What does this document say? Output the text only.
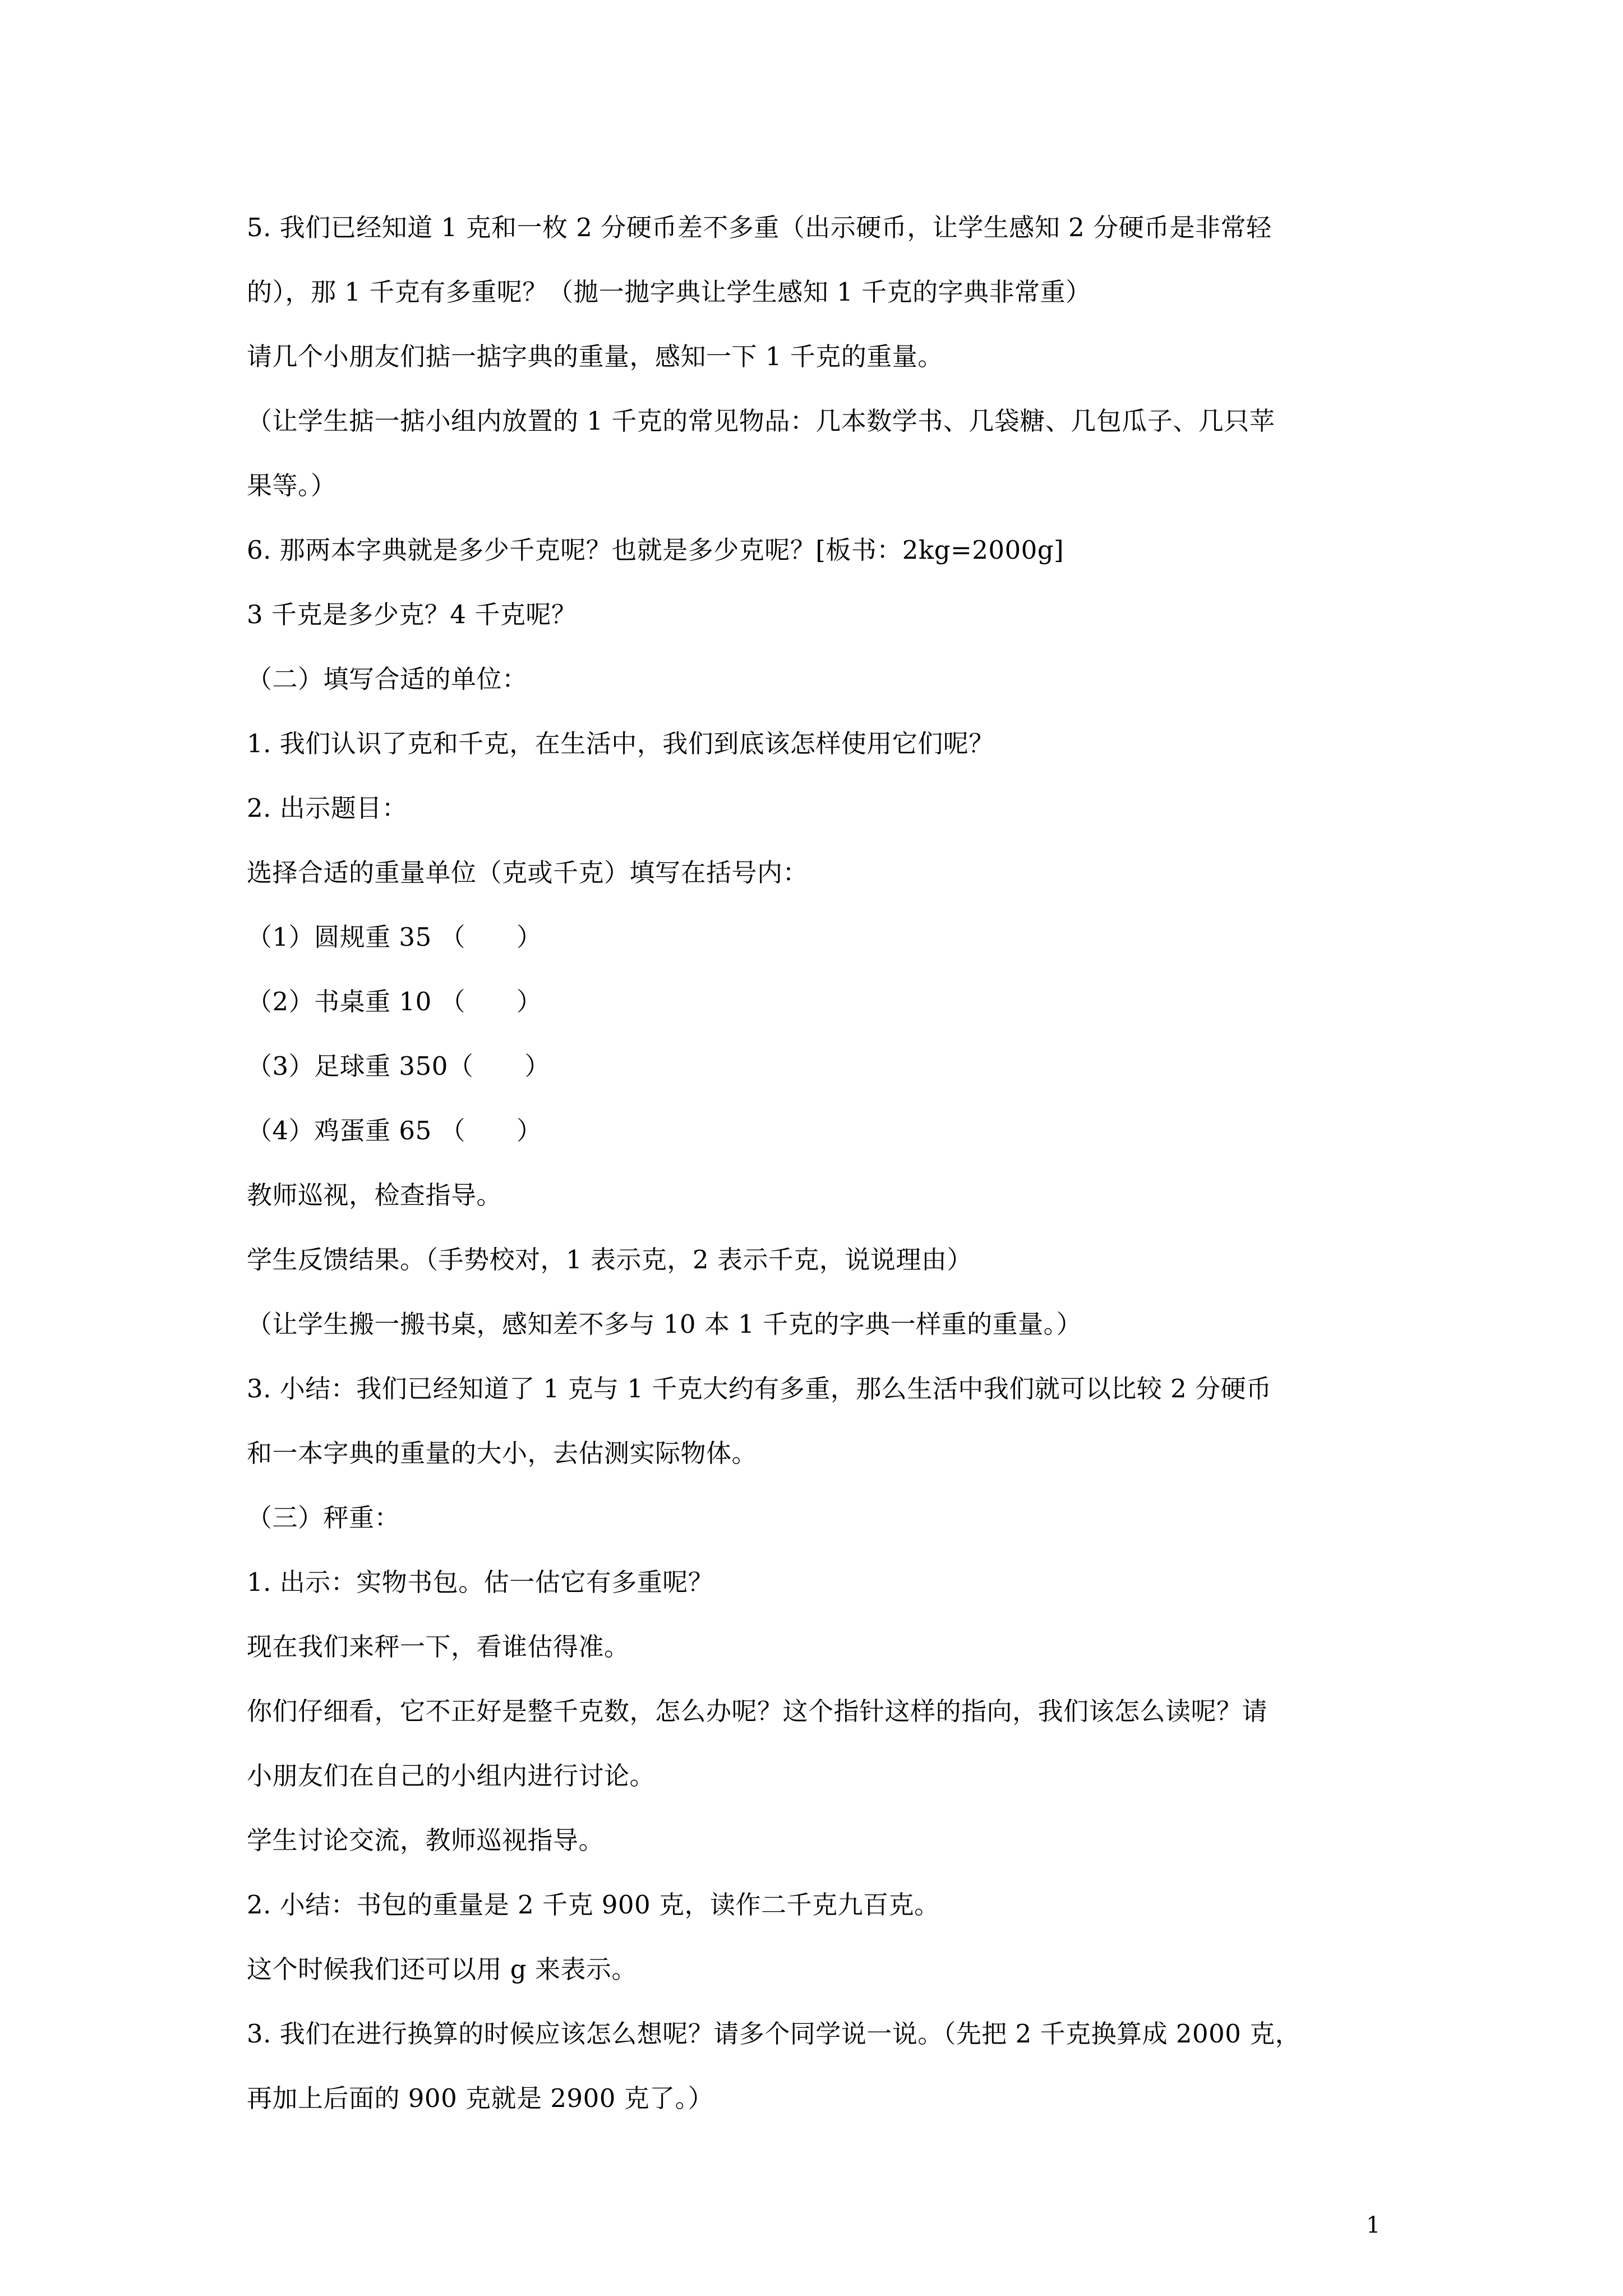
5. 我们已经知道 1 克和一枚 2 分硬币差不多重（出示硬币，让学生感知 2 分硬币是非常轻
的），那 1 千克有多重呢？（拋一拋字典让学生感知 1 千克的字典非常重）
请几个小朋友们掂一掂字典的重量，感知一下 1 千克的重量。
（让学生掂一掂小组内放置的 1 千克的常见物品：几本数学书、几袋糖、几包瓜子、几只苹
果等。）
6. 那两本字典就是多少千克呢？也就是多少克呢？[板书：2kg=2000g]
3 千克是多少克？4 千克呢？
（二）填写合适的单位：
1. 我们认识了克和千克，在生活中，我们到底该怎样使用它们呢？
2. 出示题目：
选择合适的重量单位（克或千克）填写在括号内：
（1）圆规重 35 （　　）
（2）书桌重 10 （　　）
（3）足球重 350（　　）
（4）鸡蛋重 65 （　　）
教师巡视，检查指导。
学生反馈结果。（手势校对，1 表示克，2 表示千克，说说理由）
（让学生搬一搬书桌，感知差不多与 10 本 1 千克的字典一样重的重量。）
3. 小结：我们已经知道了 1 克与 1 千克大约有多重，那么生活中我们就可以比较 2 分硬币
和一本字典的重量的大小，去估测实际物体。
（三）秤重：
1. 出示：实物书包。估一估它有多重呢？
现在我们来秤一下，看谁估得准。
你们仔细看，它不正好是整千克数，怎么办呢？这个指针这样的指向，我们该怎么读呢？请
小朋友们在自己的小组内进行讨论。
学生讨论交流，教师巡视指导。
2. 小结：书包的重量是 2 千克 900 克，读作二千克九百克。
这个时候我们还可以用 g 来表示。
3. 我们在进行换算的时候应该怎么想呢？请多个同学说一说。（先把 2 千克换算成 2000 克，
再加上后面的 900 克就是 2900 克了。）
1
